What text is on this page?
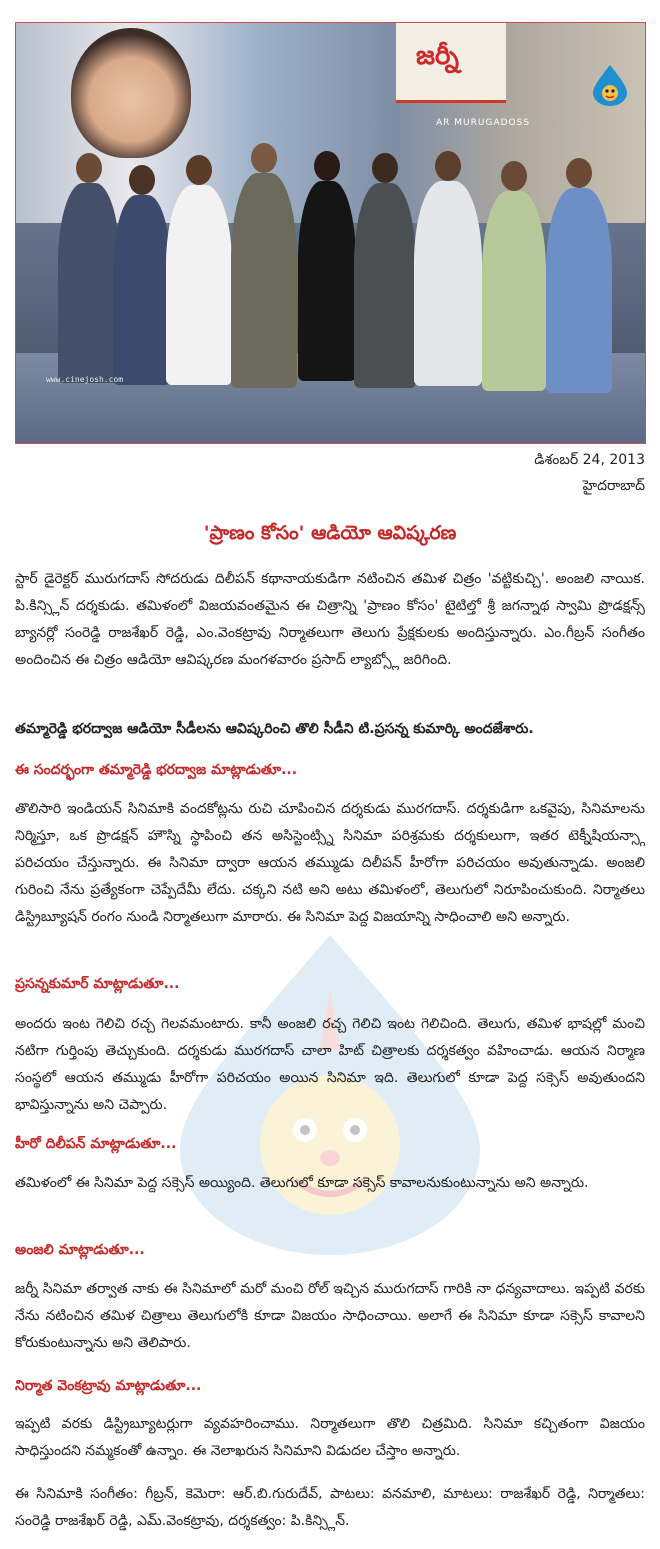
జర్నీ
AR MURUGADOSS
www.cinejosh.com
డిశంబర్ 24, 2013
హైదరాబాద్
'ప్రాణం కోసం' ఆడియో ఆవిష్కరణ
స్టార్ డైరెక్టర్ మురుగదాస్ సోదరుడు దిలీపన్ కథానాయకుడిగా నటించిన తమిళ చిత్రం 'వట్టికుచ్చి'. అంజలి నాయిక. పి.కిన్స్లిన్ దర్శకుడు. తమిళంలో విజయవంతమైన ఈ చిత్రాన్ని 'ప్రాణం కోసం' టైటిల్తో శ్రీ జగన్నాథ స్వామి ప్రొడక్షన్స్ బ్యానర్లో సంరెడ్డి రాజశేఖర్ రెడ్డి, ఎం.వెంకట్రావు నిర్మాతలుగా తెలుగు ప్రేక్షకులకు అందిస్తున్నారు. ఎం.గీబ్రన్ సంగీతం అందించిన ఈ చిత్రం ఆడియో ఆవిష్కరణ మంగళవారం ప్రసాద్ ల్యాబ్స్లో జరిగింది.
తమ్మారెడ్డి భరద్వాజ ఆడియో సీడీలను ఆవిష్కరించి తొలి సీడీని టి.ప్రసన్న కుమార్కి అందజేశారు.
ఈ సందర్భంగా తమ్మారెడ్డి భరద్వాజ మాట్లాడుతూ...
తొలిసారి ఇండియన్ సినిమాకి వందకోట్లను రుచి చూపించిన దర్శకుడు మురగదాస్. దర్శకుడిగా ఒకవైపు, సినిమాలను నిర్మిస్తూ, ఒక ప్రొడక్షన్ హౌస్ని స్థాపించి తన అసిస్టెంట్స్ని సినిమా పరిశ్రమకు దర్శకులుగా, ఇతర టెక్నీషియన్స్గా పరిచయం చేస్తున్నారు. ఈ సినిమా ద్వారా ఆయన తమ్ముడు దిలీపన్ హీరోగా పరిచయం అవుతున్నాడు. అంజలి గురించి నేను ప్రత్యేకంగా చెప్పేదేమీ లేదు. చక్కని నటి అని అటు తమిళంలో, తెలుగులో నిరూపించుకుంది. నిర్మాతలు డిస్ట్రిబ్యూషన్ రంగం నుండి నిర్మాతలుగా మారారు. ఈ సినిమా పెద్ద విజయాన్ని సాధించాలి అని అన్నారు.
ప్రసన్నకుమార్ మాట్లాడుతూ...
అందరు ఇంట గెలిచి రచ్చ గెలవమంటారు. కానీ అంజలి రచ్చ గెలిచి ఇంట గెలిచింది. తెలుగు, తమిళ భాషల్లో మంచి నటిగా గుర్తింపు తెచ్చుకుంది. దర్శకుడు మురగదాస్ చాలా హిట్ చిత్రాలకు దర్శకత్వం వహించాడు. ఆయన నిర్మాణ సంస్థలో ఆయన తమ్ముడు హీరోగా పరిచయం అయిన సినిమా ఇది. తెలుగులో కూడా పెద్ద సక్సెస్ అవుతుందని భావిస్తున్నాను అని చెప్పారు.
హీరో దిలీపన్ మాట్లాడుతూ...
తమిళంలో ఈ సినిమా పెద్ద సక్సెస్ అయ్యింది. తెలుగులో కూడా సక్సెస్ కావాలనుకుంటున్నాను అని అన్నారు.
అంజలి మాట్లాడుతూ...
జర్నీ సినిమా తర్వాత నాకు ఈ సినిమాలో మరో మంచి రోల్ ఇచ్చిన మురుగదాస్ గారికి నా ధన్యవాదాలు. ఇప్పటి వరకు నేను నటించిన తమిళ చిత్రాలు తెలుగులోకి కూడా విజయం సాధించాయి. అలాగే ఈ సినిమా కూడా సక్సెస్ కావాలని కోరుకుంటున్నాను అని తెలిపారు.
నిర్మాత వెంకట్రావు మాట్లాడుతూ...
ఇప్పటి వరకు డిస్ట్రిబ్యూటర్లుగా వ్యవహరించాము. నిర్మాతలుగా తొలి చిత్రమిది. సినిమా కచ్చితంగా విజయం సాధిస్తుందని నమ్మకంతో ఉన్నాం. ఈ నెలాఖరున సినిమాని విడుదల చేస్తాం అన్నారు.
ఈ సినిమాకి సంగీతం: గీబ్రన్, కెమెరా: ఆర్.బి.గురుదేవ్, పాటలు: వనమాలి, మాటలు: రాజశేఖర్ రెడ్డి, నిర్మాతలు: సంరెడ్డి రాజశేఖర్ రెడ్డి, ఎమ్.వెంకట్రావు, దర్శకత్వం: పి.కిన్స్లిన్.
